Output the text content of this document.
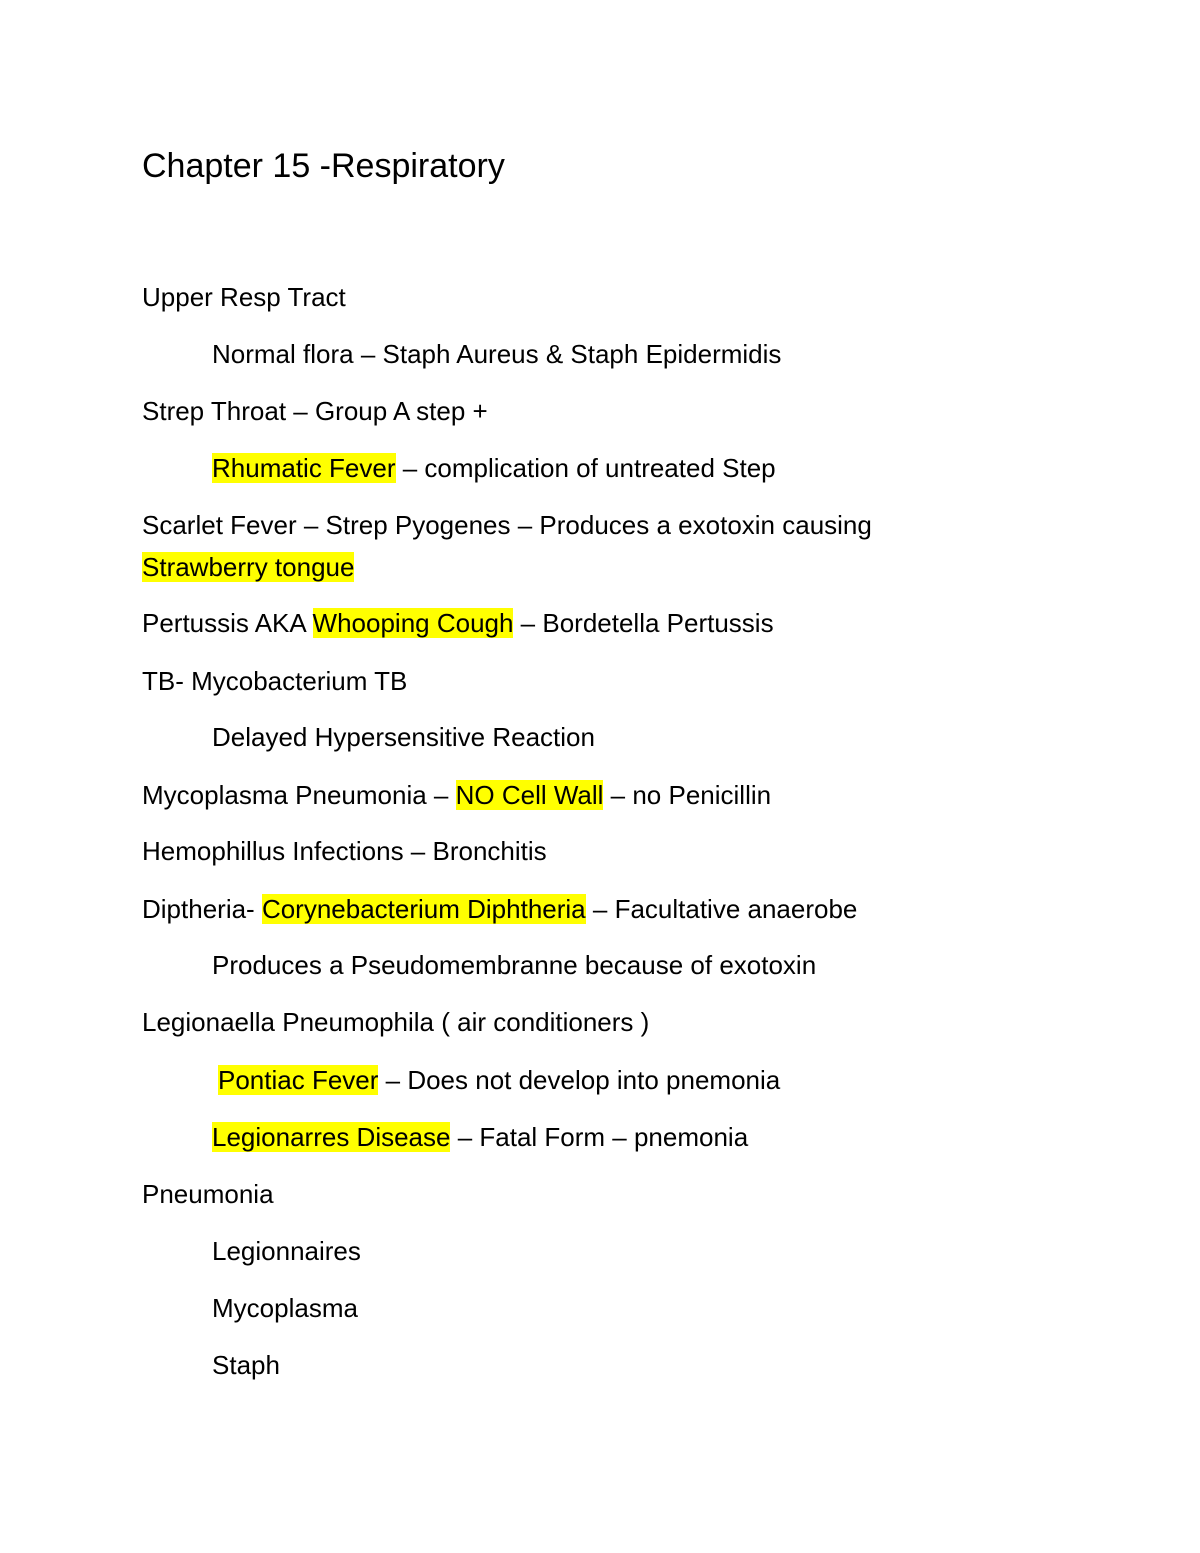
Chapter 15 -Respiratory
Upper Resp Tract
Normal flora – Staph Aureus & Staph Epidermidis
Strep Throat – Group A step +
Rhumatic Fever – complication of untreated Step
Scarlet Fever – Strep Pyogenes – Produces a exotoxin causing
Strawberry tongue
Pertussis AKA Whooping Cough – Bordetella Pertussis
TB- Mycobacterium TB
Delayed Hypersensitive Reaction
Mycoplasma Pneumonia – NO Cell Wall – no Penicillin
Hemophillus Infections – Bronchitis
Diptheria- Corynebacterium Diphtheria – Facultative anaerobe
Produces a Pseudomembranne because of exotoxin
Legionaella Pneumophila ( air conditioners )
Pontiac Fever – Does not develop into pnemonia
Legionarres Disease – Fatal Form – pnemonia
Pneumonia
Legionnaires
Mycoplasma
Staph
